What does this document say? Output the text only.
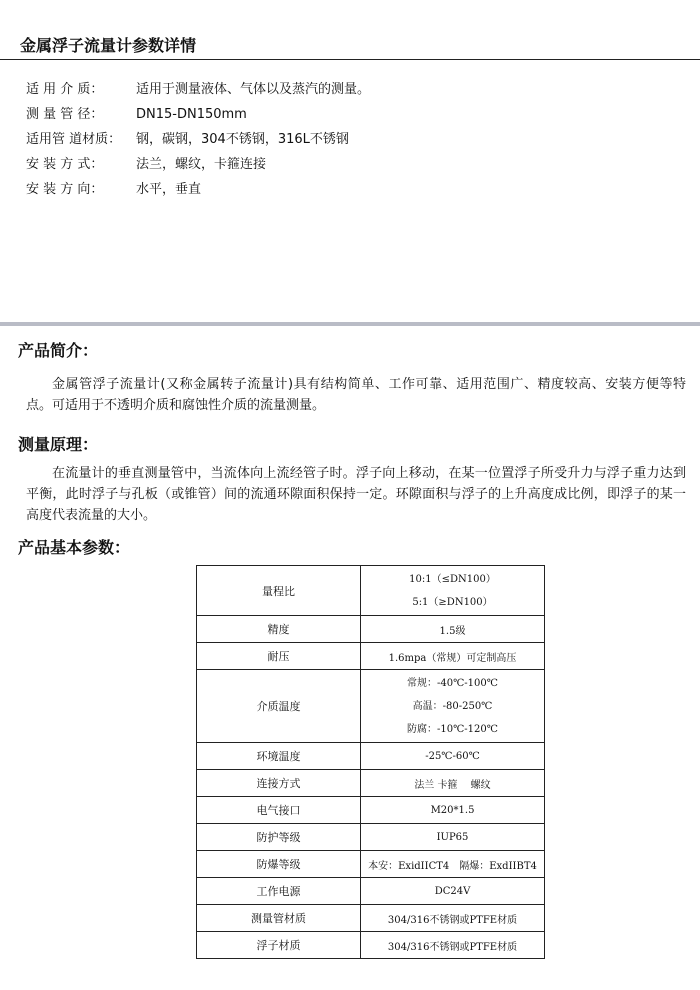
金属浮子流量计参数详情
适 用 介 质：	适用于测量液体、气体以及蒸汽的测量。
测 量 管 径：	DN15-DN150mm
适用管 道材质：	钢，碳钢，304不锈钢，316L不锈钢
安 装 方 式：	法兰，螺纹，卡箍连接
安 装 方 向：	水平，垂直
产品简介：
金属管浮子流量计(又称金属转子流量计)具有结构简单、工作可靠、适用范围广、精度较高、安装方便等特点。可适用于不透明介质和腐蚀性介质的流量测量。
测量原理：
在流量计的垂直测量管中，当流体向上流经管子时。浮子向上移动，在某一位置浮子所受升力与浮子重力达到平衡，此时浮子与孔板（或锥管）间的流通环隙面积保持一定。环隙面积与浮子的上升高度成比例，即浮子的某一高度代表流量的大小。
产品基本参数：
量程比	10:1（≤DN100）
5:1（≥DN100）

精度	1.5级
耐压	1.6mpa（常规）可定制高压
介质温度	常规：-40℃-100℃
高温：-80-250℃
防腐：-10℃-120℃

环境温度	-25℃-60℃
连接方式	法兰 卡箍　 螺纹
电气接口	M20*1.5
防护等级	IUP65
防爆等级	本安：ExidIICT4　隔爆：ExdIIBT4
工作电源	DC24V
测量管材质	304/316不锈钢或PTFE材质
浮子材质	304/316不锈钢或PTFE材质
